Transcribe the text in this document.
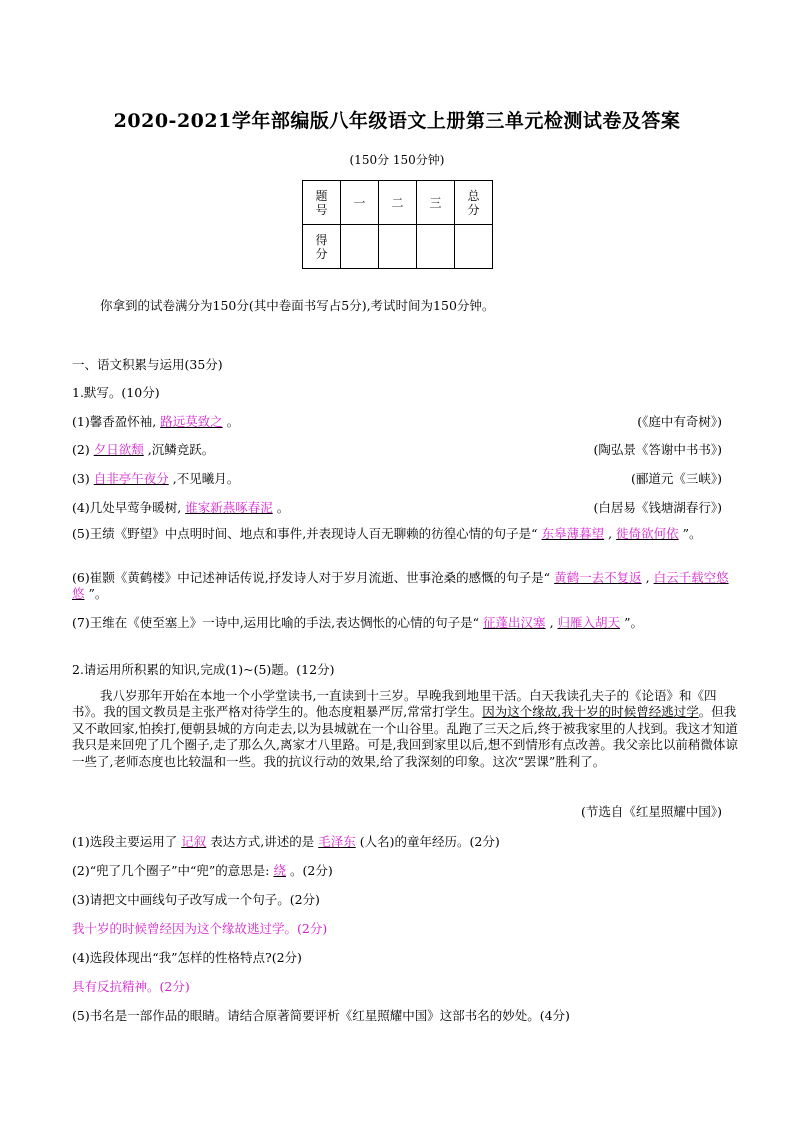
2020-2021学年部编版八年级语文上册第三单元检测试卷及答案
(150分 150分钟)
题号	一	二	三	总分
得分				
你拿到的试卷满分为150分(其中卷面书写占5分),考试时间为150分钟。
一、语文积累与运用(35分)
1.默写。(10分)
(1)馨香盈怀袖, 路远莫致之 。	(《庭中有奇树》)
(2) 夕日欲颓 ,沉鳞竞跃。	(陶弘景《答谢中书书》)
(3) 自非亭午夜分 ,不见曦月。	(郦道元《三峡》)
(4)几处早莺争暖树, 谁家新燕啄春泥 。	(白居易《钱塘湖春行》)
(5)王绩《野望》中点明时间、地点和事件,并表现诗人百无聊赖的彷徨心情的句子是“ 东皋薄暮望 , 徙倚欲何依 ”。
(6)崔颢《黄鹤楼》中记述神话传说,抒发诗人对于岁月流逝、世事沧桑的感慨的句子是“ 黄鹤一去不复返 , 白云千载空悠悠 ”。
(7)王维在《使至塞上》一诗中,运用比喻的手法,表达惆怅的心情的句子是“ 征蓬出汉塞 , 归雁入胡天 ”。
2.请运用所积累的知识,完成(1)~(5)题。(12分)
我八岁那年开始在本地一个小学堂读书,一直读到十三岁。早晚我到地里干活。白天我读孔夫子的《论语》和《四书》。我的国文教员是主张严格对待学生的。他态度粗暴严厉,常常打学生。因为这个缘故,我十岁的时候曾经逃过学。但我又不敢回家,怕挨打,便朝县城的方向走去,以为县城就在一个山谷里。乱跑了三天之后,终于被我家里的人找到。我这才知道我只是来回兜了几个圈子,走了那么久,离家才八里路。可是,我回到家里以后,想不到情形有点改善。我父亲比以前稍微体谅一些了,老师态度也比较温和一些。我的抗议行动的效果,给了我深刻的印象。这次“罢课”胜利了。
(节选自《红星照耀中国》)
(1)选段主要运用了 记叙 表达方式,讲述的是 毛泽东 (人名)的童年经历。(2分)
(2)“兜了几个圈子”中“兜”的意思是: 绕 。(2分)
(3)请把文中画线句子改写成一个句子。(2分)
我十岁的时候曾经因为这个缘故逃过学。(2分)
(4)选段体现出“我”怎样的性格特点?(2分)
具有反抗精神。(2分)
(5)书名是一部作品的眼睛。请结合原著简要评析《红星照耀中国》这部书名的妙处。(4分)
